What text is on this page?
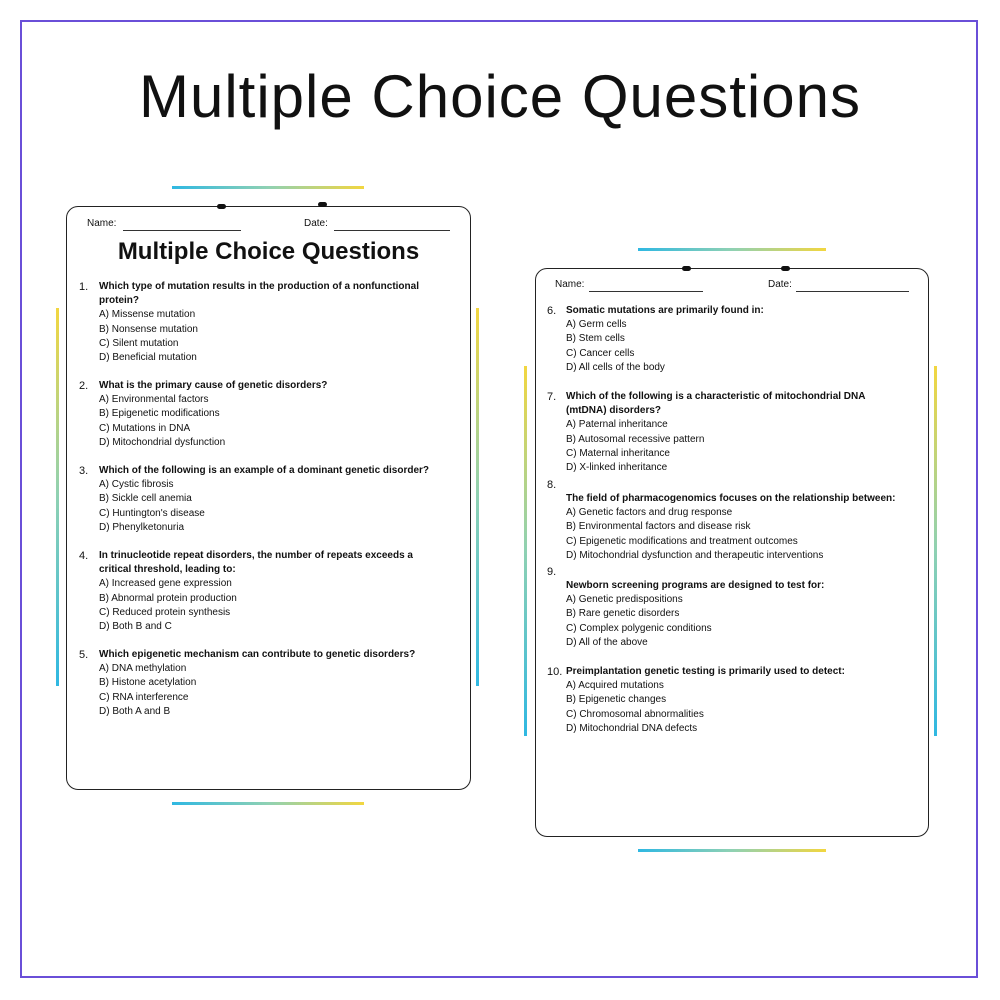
Multiple Choice Questions
Name:	Date:
Multiple Choice Questions
1. Which type of mutation results in the production of a nonfunctional
protein?
A) Missense mutation
B) Nonsense mutation
C) Silent mutation
D) Beneficial mutation
2. What is the primary cause of genetic disorders?
A) Environmental factors
B) Epigenetic modifications
C) Mutations in DNA
D) Mitochondrial dysfunction
3. Which of the following is an example of a dominant genetic disorder?
A) Cystic fibrosis
B) Sickle cell anemia
C) Huntington's disease
D) Phenylketonuria
4. In trinucleotide repeat disorders, the number of repeats exceeds a
critical threshold, leading to:
A) Increased gene expression
B) Abnormal protein production
C) Reduced protein synthesis
D) Both B and C
5. Which epigenetic mechanism can contribute to genetic disorders?
A) DNA methylation
B) Histone acetylation
C) RNA interference
D) Both A and B
Name:	Date:
6. Somatic mutations are primarily found in:
A) Germ cells
B) Stem cells
C) Cancer cells
D) All cells of the body
7. Which of the following is a characteristic of mitochondrial DNA
(mtDNA) disorders?
A) Paternal inheritance
B) Autosomal recessive pattern
C) Maternal inheritance
D) X-linked inheritance
8.
The field of pharmacogenomics focuses on the relationship between:
A) Genetic factors and drug response
B) Environmental factors and disease risk
C) Epigenetic modifications and treatment outcomes
D) Mitochondrial dysfunction and therapeutic interventions
9.
Newborn screening programs are designed to test for:
A) Genetic predispositions
B) Rare genetic disorders
C) Complex polygenic conditions
D) All of the above
10. Preimplantation genetic testing is primarily used to detect:
A) Acquired mutations
B) Epigenetic changes
C) Chromosomal abnormalities
D) Mitochondrial DNA defects
